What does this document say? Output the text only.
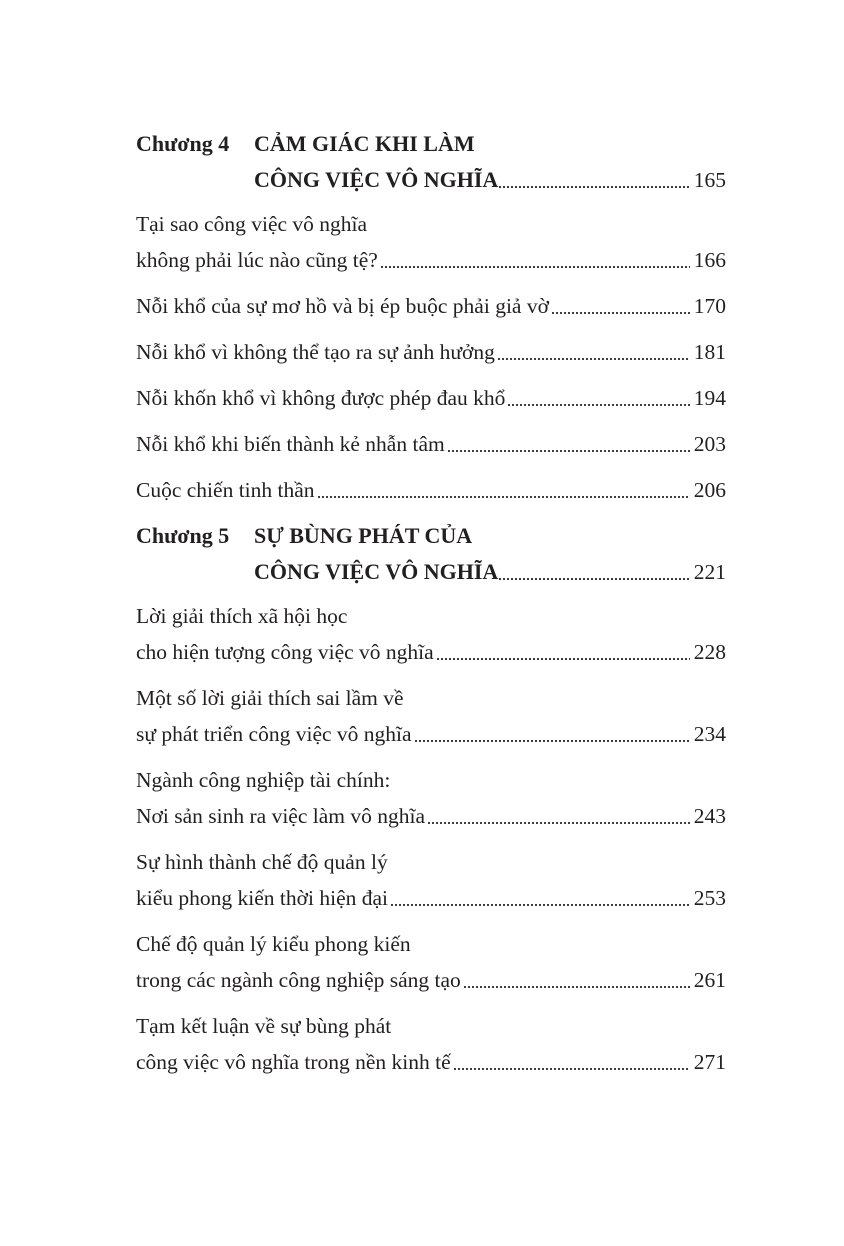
Chương 4 CẢM GIÁC KHI LÀM
CÔNG VIỆC VÔ NGHĨA	165
Tại sao công việc vô nghĩa
không phải lúc nào cũng tệ?	166
Nỗi khổ của sự mơ hồ và bị ép buộc phải giả vờ	170
Nỗi khổ vì không thể tạo ra sự ảnh hưởng	181
Nỗi khốn khổ vì không được phép đau khổ	194
Nỗi khổ khi biến thành kẻ nhẫn tâm	203
Cuộc chiến tinh thần	206
Chương 5 SỰ BÙNG PHÁT CỦA
CÔNG VIỆC VÔ NGHĨA	221
Lời giải thích xã hội học
cho hiện tượng công việc vô nghĩa	228
Một số lời giải thích sai lầm về
sự phát triển công việc vô nghĩa	234
Ngành công nghiệp tài chính:
Nơi sản sinh ra việc làm vô nghĩa	243
Sự hình thành chế độ quản lý
kiểu phong kiến thời hiện đại	253
Chế độ quản lý kiểu phong kiến
trong các ngành công nghiệp sáng tạo	261
Tạm kết luận về sự bùng phát
công việc vô nghĩa trong nền kinh tế	271
